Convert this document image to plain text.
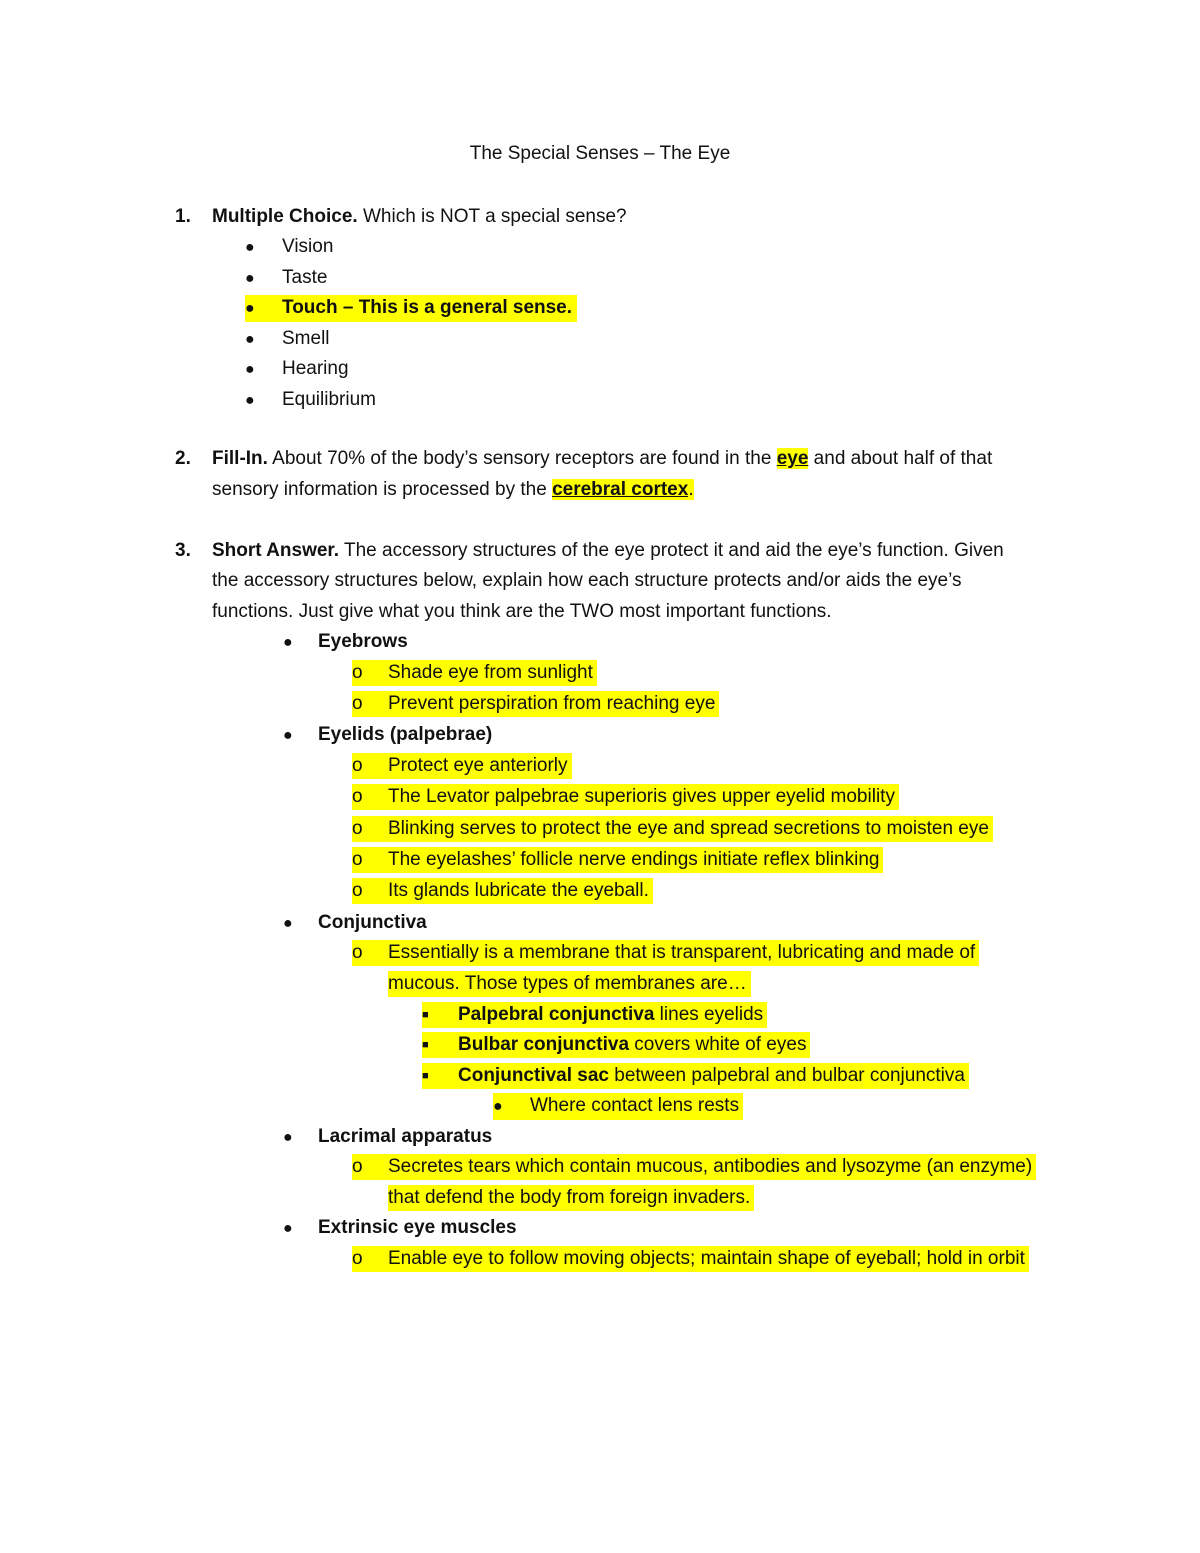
The Special Senses – The Eye
1. Multiple Choice. Which is NOT a special sense?
● Vision
● Taste
● Touch – This is a general sense.
● Smell
● Hearing
● Equilibrium
2. Fill-In. About 70% of the body’s sensory receptors are found in the eye and about half of that
sensory information is processed by the cerebral cortex.
3. Short Answer. The accessory structures of the eye protect it and aid the eye’s function. Given
the accessory structures below, explain how each structure protects and/or aids the eye’s
functions. Just give what you think are the TWO most important functions.
● Eyebrows
o Shade eye from sunlight
o Prevent perspiration from reaching eye
● Eyelids (palpebrae)
o Protect eye anteriorly
o The Levator palpebrae superioris gives upper eyelid mobility
o Blinking serves to protect the eye and spread secretions to moisten eye
o The eyelashes’ follicle nerve endings initiate reflex blinking
o Its glands lubricate the eyeball.
● Conjunctiva
o Essentially is a membrane that is transparent, lubricating and made of
mucous. Those types of membranes are…
■ Palpebral conjunctiva lines eyelids
■ Bulbar conjunctiva covers white of eyes
■ Conjunctival sac between palpebral and bulbar conjunctiva
● Where contact lens rests
● Lacrimal apparatus
o Secretes tears which contain mucous, antibodies and lysozyme (an enzyme)
that defend the body from foreign invaders.
● Extrinsic eye muscles
o Enable eye to follow moving objects; maintain shape of eyeball; hold in orbit
